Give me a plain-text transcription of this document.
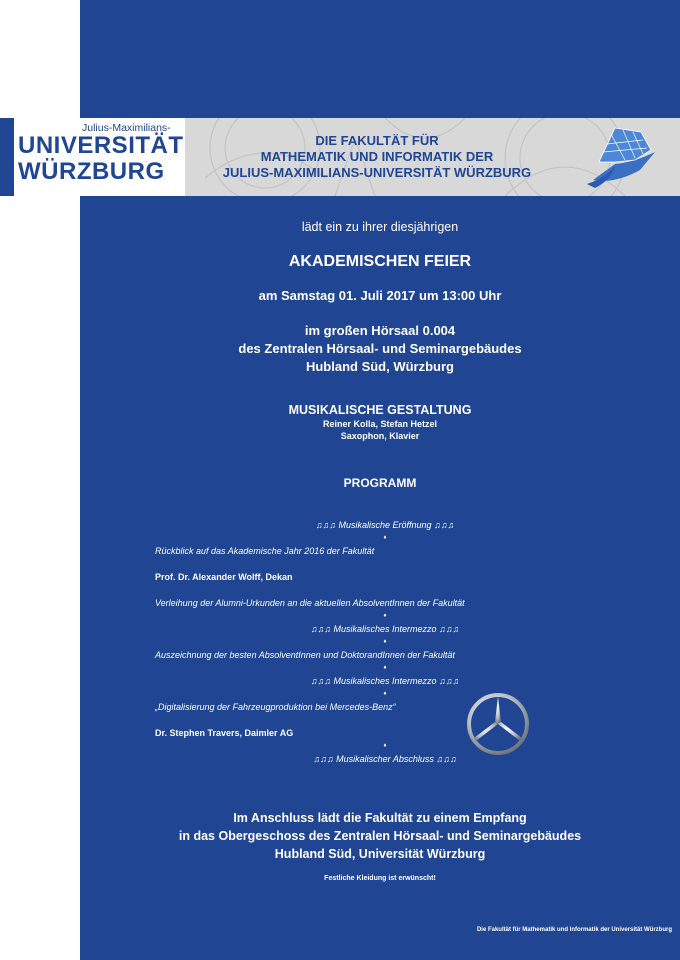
Julius-Maximilians-
UNIVERSITÄT
WÜRZBURG
DIE FAKULTÄT FÜR
MATHEMATIK UND INFORMATIK DER
JULIUS-MAXIMILIANS-UNIVERSITÄT WÜRZBURG
lädt ein zu ihrer diesjährigen
AKADEMISCHEN FEIER
am Samstag 01. Juli 2017 um 13:00 Uhr
im großen Hörsaal 0.004
des Zentralen Hörsaal- und Seminargebäudes
Hubland Süd, Würzburg
MUSIKALISCHE GESTALTUNG
Reiner Kolla, Stefan Hetzel
Saxophon, Klavier
PROGRAMM
♫♫♫ Musikalische Eröffnung ♫♫♫
♦
Rückblick auf das Akademische Jahr 2016 der Fakultät
Prof. Dr. Alexander Wolff, Dekan
Verleihung der Alumni-Urkunden an die aktuellen AbsolventInnen der Fakultät
♦
♫♫♫ Musikalisches Intermezzo ♫♫♫
♦
Auszeichnung der besten AbsolventInnen und DoktorandInnen der Fakultät
♦
♫♫♫ Musikalisches Intermezzo ♫♫♫
♦
„Digitalisierung der Fahrzeugproduktion bei Mercedes-Benz“
Dr. Stephen Travers, Daimler AG
♦
♫♫♫ Musikalischer Abschluss ♫♫♫
Im Anschluss lädt die Fakultät zu einem Empfang
in das Obergeschoss des Zentralen Hörsaal- und Seminargebäudes
Hubland Süd, Universität Würzburg
Festliche Kleidung ist erwünscht!
Die Fakultät für Mathematik und Informatik der Universität Würzburg
